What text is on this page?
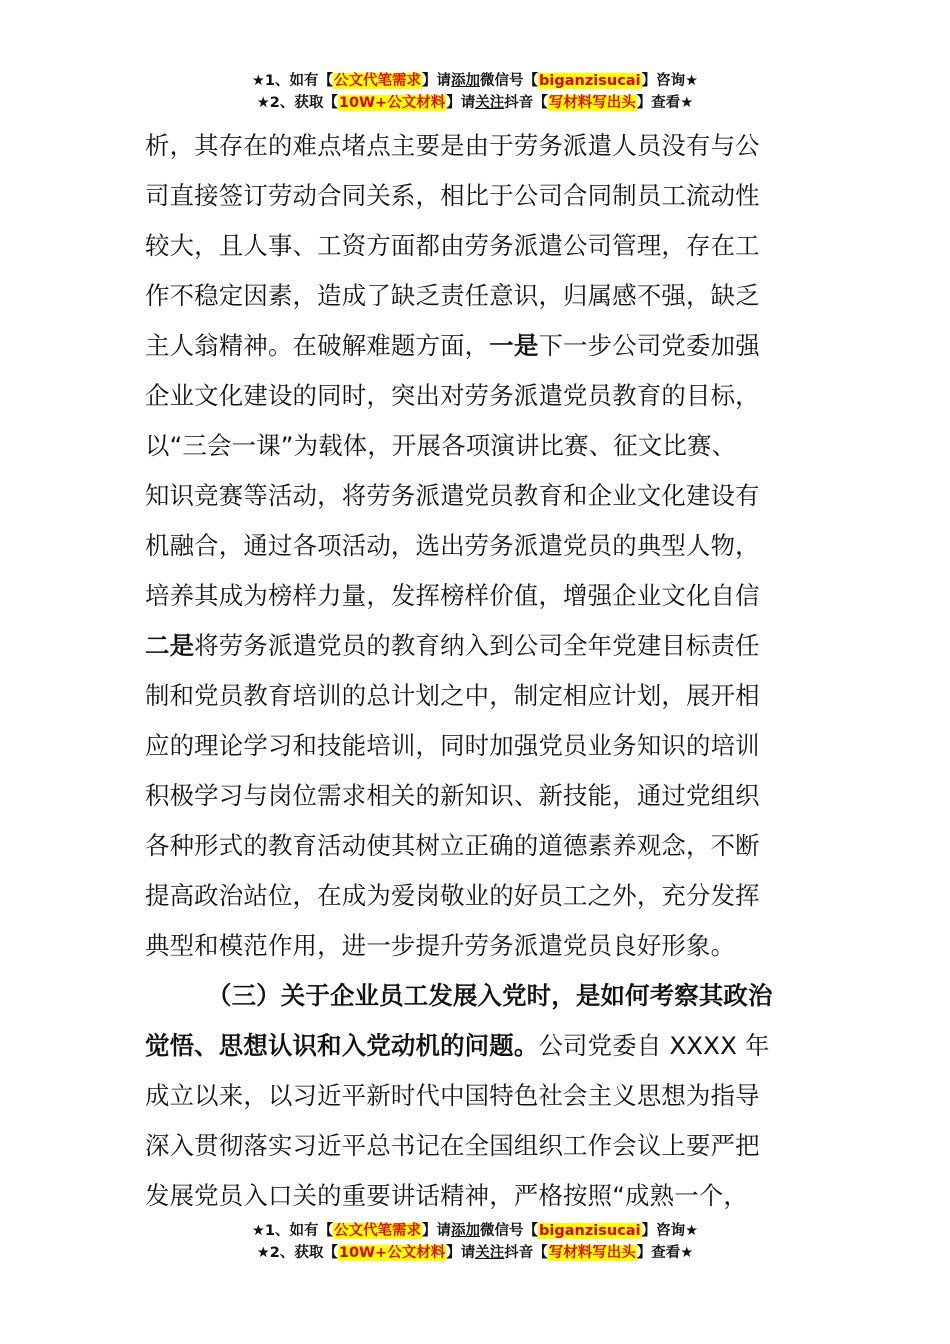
★1、如有【公文代笔需求】请添加微信号【biganzisucai】咨询★
★2、获取【10W+公文材料】请关注抖音【写材料写出头】查看★
析，其存在的难点堵点主要是由于劳务派遣人员没有与公
司直接签订劳动合同关系，相比于公司合同制员工流动性
较大，且人事、工资方面都由劳务派遣公司管理，存在工
作不稳定因素，造成了缺乏责任意识，归属感不强，缺乏
主人翁精神。在破解难题方面，一是下一步公司党委加强
企业文化建设的同时，突出对劳务派遣党员教育的目标，
以“三会一课”为载体，开展各项演讲比赛、征文比赛、
知识竞赛等活动，将劳务派遣党员教育和企业文化建设有
机融合，通过各项活动，选出劳务派遣党员的典型人物，
培养其成为榜样力量，发挥榜样价值，增强企业文化自信
二是将劳务派遣党员的教育纳入到公司全年党建目标责任
制和党员教育培训的总计划之中，制定相应计划，展开相
应的理论学习和技能培训，同时加强党员业务知识的培训
积极学习与岗位需求相关的新知识、新技能，通过党组织
各种形式的教育活动使其树立正确的道德素养观念，不断
提高政治站位，在成为爱岗敬业的好员工之外，充分发挥
典型和模范作用，进一步提升劳务派遣党员良好形象。
（三）关于企业员工发展入党时，是如何考察其政治
觉悟、思想认识和入党动机的问题。公司党委自 XXXX 年
成立以来，以习近平新时代中国特色社会主义思想为指导
深入贯彻落实习近平总书记在全国组织工作会议上要严把
发展党员入口关的重要讲话精神，严格按照“成熟一个，
★1、如有【公文代笔需求】请添加微信号【biganzisucai】咨询★
★2、获取【10W+公文材料】请关注抖音【写材料写出头】查看★
